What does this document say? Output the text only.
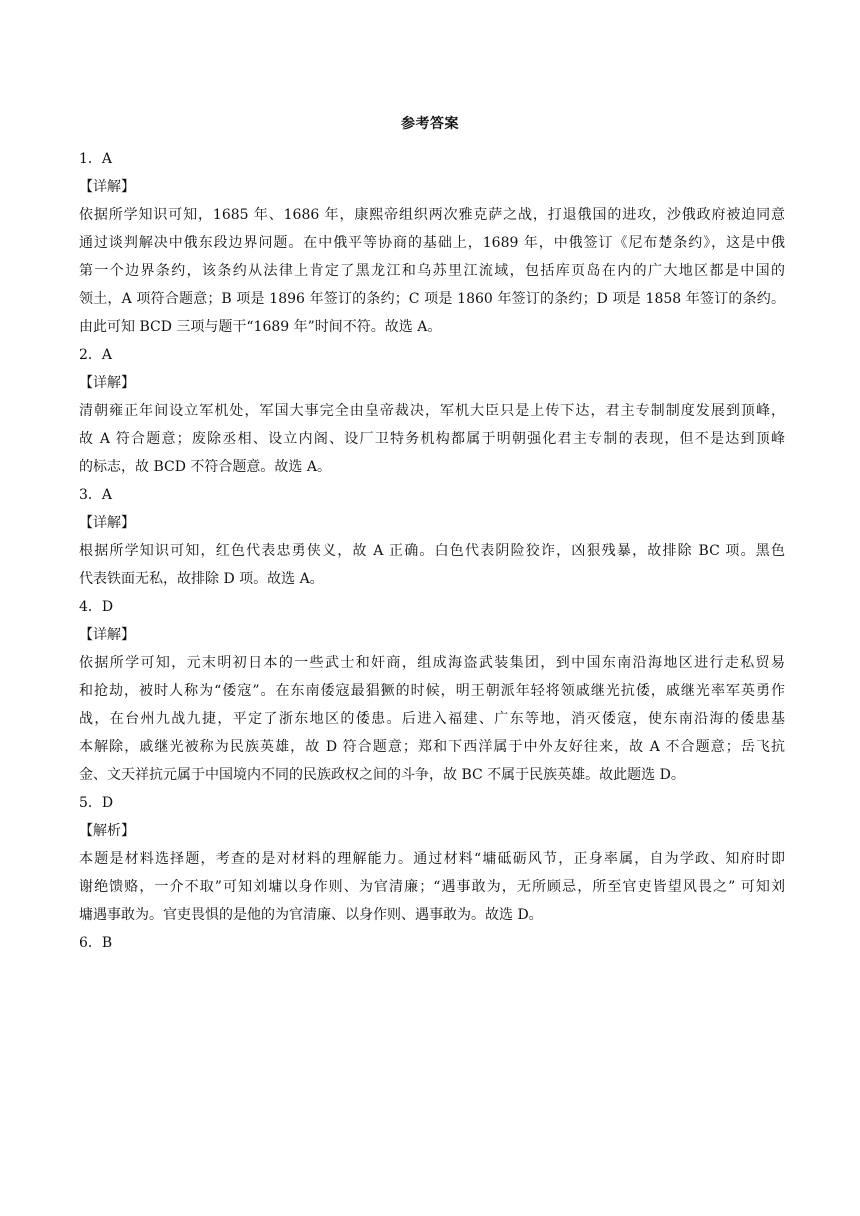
参考答案
1．A
【详解】
依据所学知识可知，1685 年、1686 年，康熙帝组织两次雅克萨之战，打退俄国的进攻，沙俄政府被迫同意
通过谈判解决中俄东段边界问题。在中俄平等协商的基础上，1689 年，中俄签订《尼布楚条约》，这是中俄
第一个边界条约，该条约从法律上肯定了黑龙江和乌苏里江流域，包括库页岛在内的广大地区都是中国的
领土，A 项符合题意；B 项是 1896 年签订的条约；C 项是 1860 年签订的条约；D 项是 1858 年签订的条约。
由此可知 BCD 三项与题干“1689 年”时间不符。故选 A。
2．A
【详解】
清朝雍正年间设立军机处，军国大事完全由皇帝裁决，军机大臣只是上传下达，君主专制制度发展到顶峰，
故 A 符合题意；废除丞相、设立内阁、设厂卫特务机构都属于明朝强化君主专制的表现，但不是达到顶峰
的标志，故 BCD 不符合题意。故选 A。
3．A
【详解】
根据所学知识可知，红色代表忠勇侠义，故 A 正确。白色代表阴险狡诈，凶狠残暴，故排除 BC 项。黑色
代表铁面无私，故排除 D 项。故选 A。
4．D
【详解】
依据所学可知，元末明初日本的一些武士和奸商，组成海盗武装集团，到中国东南沿海地区进行走私贸易
和抢劫，被时人称为“倭寇”。在东南倭寇最猖獗的时候，明王朝派年轻将领戚继光抗倭，戚继光率军英勇作
战，在台州九战九捷，平定了浙东地区的倭患。后进入福建、广东等地，消灭倭寇，使东南沿海的倭患基
本解除，戚继光被称为民族英雄，故 D 符合题意；郑和下西洋属于中外友好往来，故 A 不合题意；岳飞抗
金、文天祥抗元属于中国境内不同的民族政权之间的斗争，故 BC 不属于民族英雄。故此题选 D。
5．D
【解析】
本题是材料选择题，考查的是对材料的理解能力。通过材料“墉砥砺风节，正身率属，自为学政、知府时即
谢绝馈赂，一介不取”可知刘墉以身作则、为官清廉；“遇事敢为，无所顾忌，所至官吏皆望风畏之” 可知刘
墉遇事敢为。官吏畏惧的是他的为官清廉、以身作则、遇事敢为。故选 D。
6．B
